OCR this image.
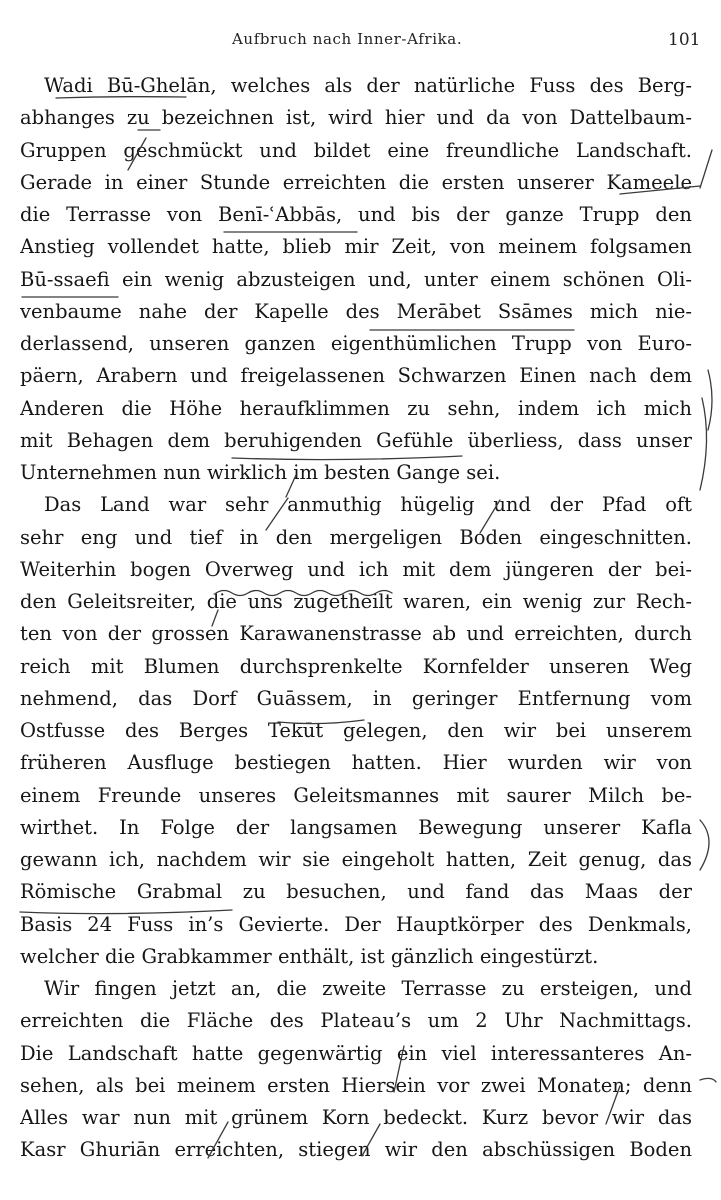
Aufbruch nach Inner-Afrika.	101
Wadi Bū-Ghelān, welches als der natürliche Fuss des Berg-
abhanges zu bezeichnen ist, wird hier und da von Dattelbaum-
Gruppen geschmückt und bildet eine freundliche Landschaft.
Gerade in einer Stunde erreichten die ersten unserer Kameele
die Terrasse von Benī-ʿAbbās, und bis der ganze Trupp den
Anstieg vollendet hatte, blieb mir Zeit, von meinem folgsamen
Bū-ssaefi ein wenig abzusteigen und, unter einem schönen Oli-
venbaume nahe der Kapelle des Merābet Ssāmes mich nie-
derlassend, unseren ganzen eigenthümlichen Trupp von Euro-
päern, Arabern und freigelassenen Schwarzen Einen nach dem
Anderen die Höhe heraufklimmen zu sehn, indem ich mich
mit Behagen dem beruhigenden Gefühle überliess, dass unser
Unternehmen nun wirklich im besten Gange sei.
Das Land war sehr anmuthig hügelig und der Pfad oft
sehr eng und tief in den mergeligen Boden eingeschnitten.
Weiterhin bogen Overweg und ich mit dem jüngeren der bei-
den Geleitsreiter, die uns zugetheilt waren, ein wenig zur Rech-
ten von der grossen Karawanenstrasse ab und erreichten, durch
reich mit Blumen durchsprenkelte Kornfelder unseren Weg
nehmend, das Dorf Guāssem, in geringer Entfernung vom
Ostfusse des Berges Tekūt gelegen, den wir bei unserem
früheren Ausfluge bestiegen hatten. Hier wurden wir von
einem Freunde unseres Geleitsmannes mit saurer Milch be-
wirthet. In Folge der langsamen Bewegung unserer Kafla
gewann ich, nachdem wir sie eingeholt hatten, Zeit genug, das
Römische Grabmal zu besuchen, und fand das Maas der
Basis 24 Fuss in’s Gevierte. Der Hauptkörper des Denkmals,
welcher die Grabkammer enthält, ist gänzlich eingestürzt.
Wir fingen jetzt an, die zweite Terrasse zu ersteigen, und
erreichten die Fläche des Plateau’s um 2 Uhr Nachmittags.
Die Landschaft hatte gegenwärtig ein viel interessanteres An-
sehen, als bei meinem ersten Hiersein vor zwei Monaten; denn
Alles war nun mit grünem Korn bedeckt. Kurz bevor wir das
Kasr Ghuriān erreichten, stiegen wir den abschüssigen Boden
